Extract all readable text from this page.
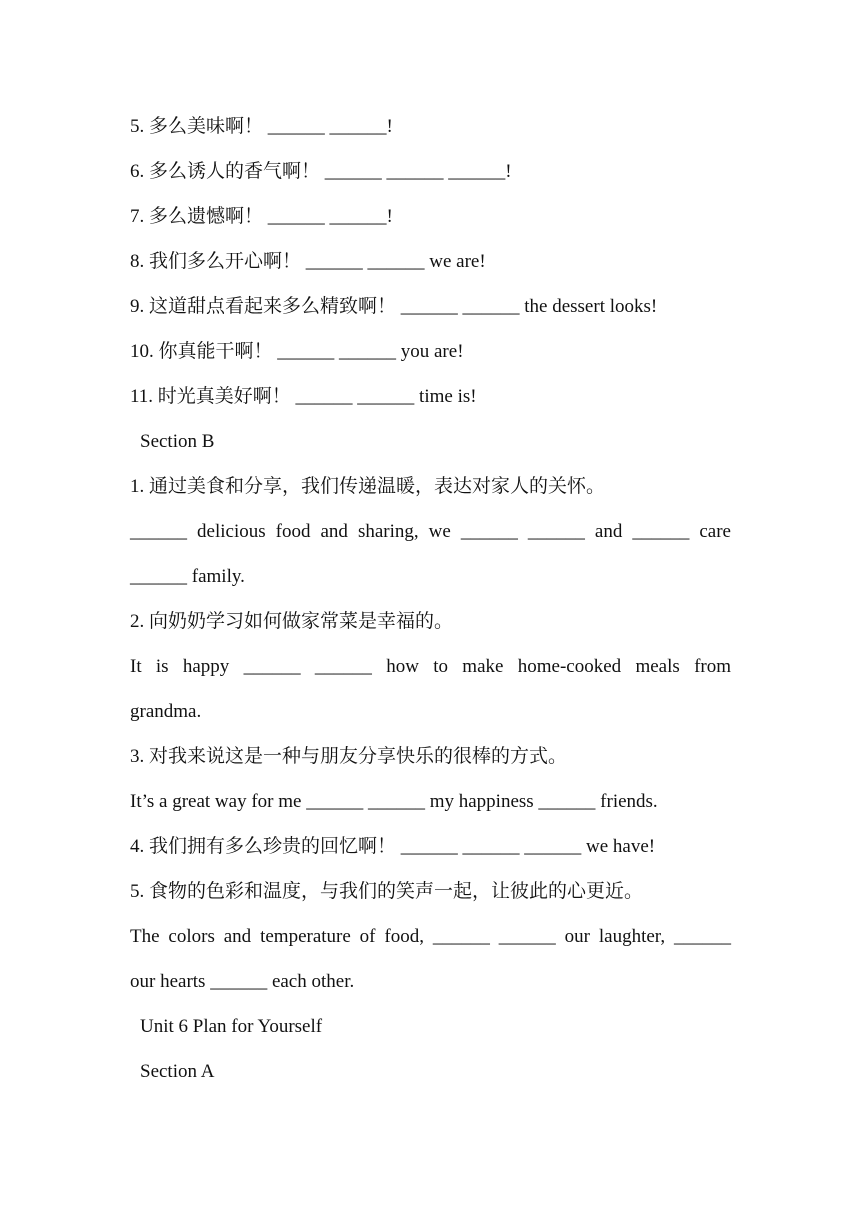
5. 多么美味啊！ ______ ______!
6. 多么诱人的香气啊！ ______ ______ ______!
7. 多么遗憾啊！ ______ ______!
8. 我们多么开心啊！ ______ ______ we are!
9. 这道甜点看起来多么精致啊！ ______ ______ the dessert looks!
10. 你真能干啊！ ______ ______ you are!
11. 时光真美好啊！ ______ ______ time is!
Section B
1. 通过美食和分享，我们传递温暖，表达对家人的关怀。
______ delicious food and sharing, we ______ ______ and ______ care
______ family.
2. 向奶奶学习如何做家常菜是幸福的。
It is happy ______ ______ how to make home-cooked meals from
grandma.
3. 对我来说这是一种与朋友分享快乐的很棒的方式。
It’s a great way for me ______ ______ my happiness ______ friends.
4. 我们拥有多么珍贵的回忆啊！ ______ ______ ______ we have!
5. 食物的色彩和温度，与我们的笑声一起，让彼此的心更近。
The colors and temperature of food, ______ ______ our laughter, ______
our hearts ______ each other.
Unit 6 Plan for Yourself
Section A
